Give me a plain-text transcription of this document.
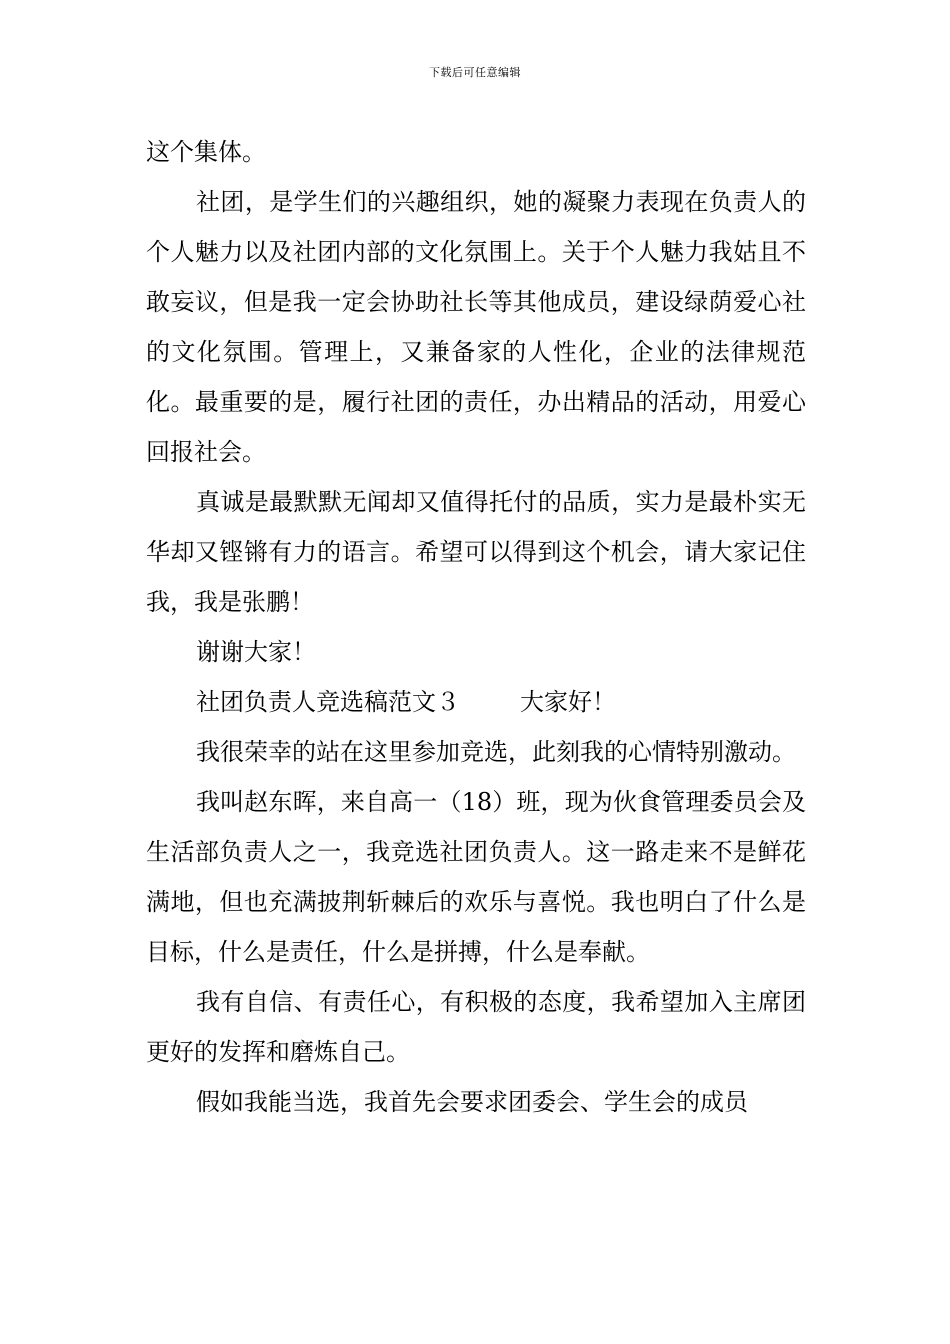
下载后可任意编辑

这个集体。

社团，是学生们的兴趣组织，她的凝聚力表现在负责人的个人魅力以及社团内部的文化氛围上。关于个人魅力我姑且不敢妄议，但是我一定会协助社长等其他成员，建设绿荫爱心社的文化氛围。管理上，又兼备家的人性化，企业的法律规范化。最重要的是，履行社团的责任，办出精品的活动，用爱心回报社会。

真诚是最默默无闻却又值得托付的品质，实力是最朴实无华却又铿锵有力的语言。希望可以得到这个机会，请大家记住我，我是张鹏！

谢谢大家！

社团负责人竞选稿范文３	大家好！

我很荣幸的站在这里参加竞选，此刻我的心情特别激动。

我叫赵东晖，来自高一（18）班，现为伙食管理委员会及生活部负责人之一，我竞选社团负责人。这一路走来不是鲜花满地，但也充满披荆斩棘后的欢乐与喜悦。我也明白了什么是目标，什么是责任，什么是拼搏，什么是奉献。

我有自信、有责任心，有积极的态度，我希望加入主席团更好的发挥和磨炼自己。

假如我能当选，我首先会要求团委会、学生会的成员
